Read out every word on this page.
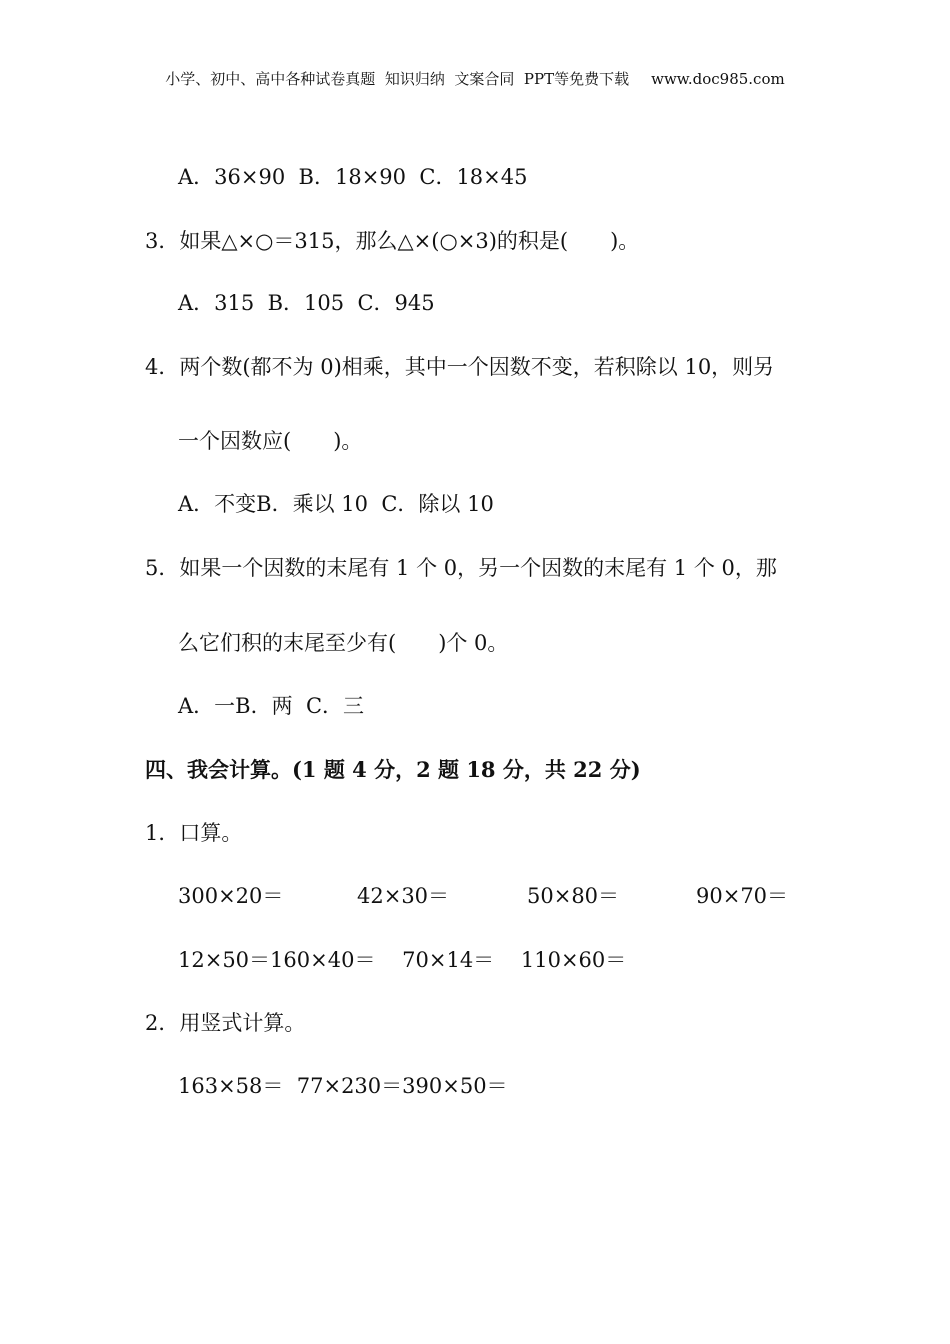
小学、初中、高中各种试卷真题  知识归纳  文案合同  PPT等免费下载 www.doc985.com
A．36×90  B．18×90  C．18×45
3．如果△×○＝315，那么△×(○×3)的积是(　　)。
A．315  B．105  C．945
4．两个数(都不为 0)相乘，其中一个因数不变，若积除以 10，则另
一个因数应(　　)。
A．不变B．乘以 10  C．除以 10
5．如果一个因数的末尾有 1 个 0，另一个因数的末尾有 1 个 0，那
么它们积的末尾至少有(　　)个 0。
A．一B．两  C．三
四、我会计算。(1 题 4 分，2 题 18 分，共 22 分)
1．口算。
300×20＝	42×30＝	50×80＝	90×70＝
12×50＝160×40＝    70×14＝    110×60＝
2．用竖式计算。
163×58＝  77×230＝390×50＝
